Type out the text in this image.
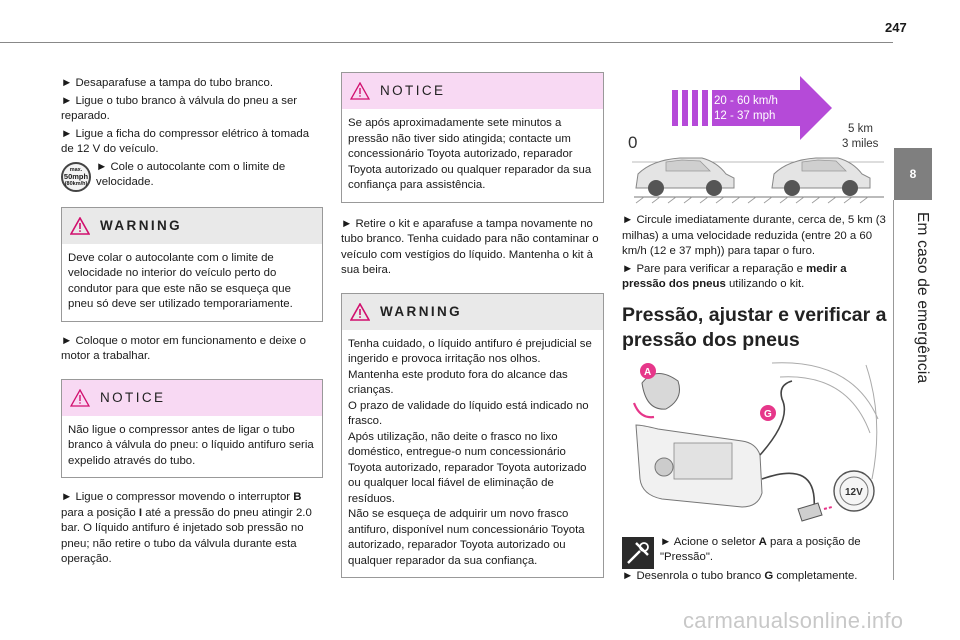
247
8
Em caso de emergência

► Desaparafuse a tampa do tubo branco.

► Ligue o tubo branco à válvula do pneu a ser reparado.

► Ligue a ficha do compressor elétrico à tomada de 12 V do veículo.

max.
50mph
(80km/h)

► Cole o autocolante com o limite de velocidade.

WARNING
Deve colar o autocolante com o limite de velocidade no interior do veículo perto do condutor para que este não se esqueça que pneu só deve ser utilizado temporariamente.

► Coloque o motor em funcionamento e deixe o motor a trabalhar.

NOTICE
Não ligue o compressor antes de ligar o tubo branco à válvula do pneu: o líquido antifuro seria expelido através do tubo.

► Ligue o compressor movendo o interruptor B para a posição I até a pressão do pneu atingir 2.0 bar. O líquido antifuro é injetado sob pressão no pneu; não retire o tubo da válvula durante esta operação.

NOTICE
Se após aproximadamente sete minutos a pressão não tiver sido atingida; contacte um concessionário Toyota autorizado, reparador Toyota autorizado ou qualquer reparador da sua confiança para assistência.

► Retire o kit e aparafuse a tampa novamente no tubo branco. Tenha cuidado para não contaminar o veículo com vestígios do líquido. Mantenha o kit à sua beira.

WARNING
Tenha cuidado, o líquido antifuro é prejudicial se ingerido e provoca irritação nos olhos.
Mantenha este produto fora do alcance das crianças.
O prazo de validade do líquido está indicado no frasco.
Após utilização, não deite o frasco no lixo doméstico, entregue-o num concessionário Toyota autorizado, reparador Toyota autorizado ou qualquer local fiável de eliminação de resíduos.
Não se esqueça de adquirir um novo frasco antifuro, disponível num concessionário Toyota autorizado, reparador Toyota autorizado ou qualquer reparador da sua confiança.
20 - 60 km/h
12 - 37 mph
0
5 km
3 miles

► Circule imediatamente durante, cerca de, 5 km (3 milhas) a uma velocidade reduzida (entre 20 a 60 km/h (12 e 37 mph)) para tapar o furo.

► Pare para verificar a reparação e medir a pressão dos pneus utilizando o kit.

Pressão, ajustar e verificar a pressão dos pneus
A
G
12V

► Acione o seletor A para a posição de "Pressão".

► Desenrola o tubo branco G completamente.

carmanualsonline.info
